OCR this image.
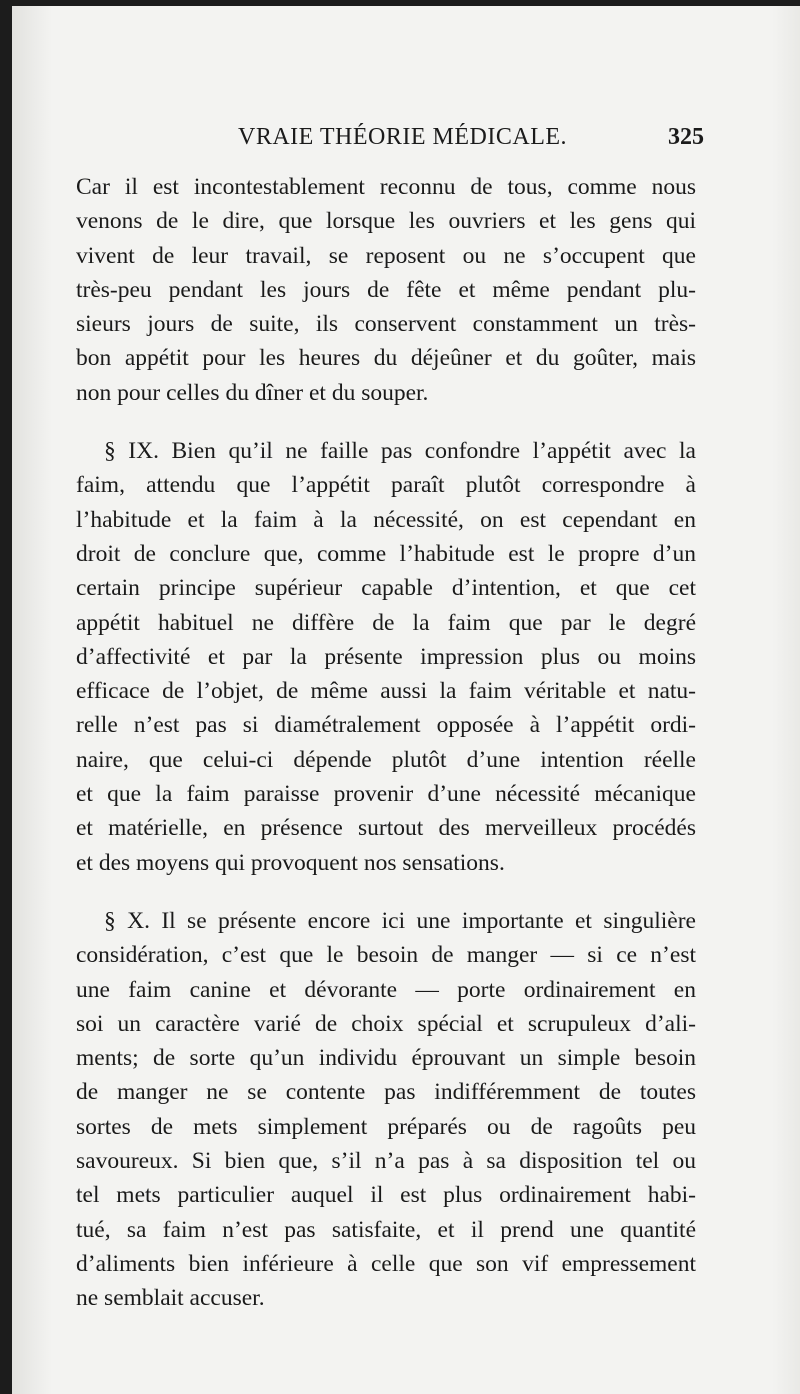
VRAIE THÉORIE MÉDICALE.	325
Car il est incontestablement reconnu de tous, comme nous
venons de le dire, que lorsque les ouvriers et les gens qui
vivent de leur travail, se reposent ou ne s’occupent que
très-peu pendant les jours de fête et même pendant plu-
sieurs jours de suite, ils conservent constamment un très-
bon appétit pour les heures du déjeûner et du goûter, mais
non pour celles du dîner et du souper.
§ IX. Bien qu’il ne faille pas confondre l’appétit avec la
faim, attendu que l’appétit paraît plutôt correspondre à
l’habitude et la faim à la nécessité, on est cependant en
droit de conclure que, comme l’habitude est le propre d’un
certain principe supérieur capable d’intention, et que cet
appétit habituel ne diffère de la faim que par le degré
d’affectivité et par la présente impression plus ou moins
efficace de l’objet, de même aussi la faim véritable et natu-
relle n’est pas si diamétralement opposée à l’appétit ordi-
naire, que celui-ci dépende plutôt d’une intention réelle
et que la faim paraisse provenir d’une nécessité mécanique
et matérielle, en présence surtout des merveilleux procédés
et des moyens qui provoquent nos sensations.
§ X. Il se présente encore ici une importante et singulière
considération, c’est que le besoin de manger — si ce n’est
une faim canine et dévorante — porte ordinairement en
soi un caractère varié de choix spécial et scrupuleux d’ali-
ments; de sorte qu’un individu éprouvant un simple besoin
de manger ne se contente pas indifféremment de toutes
sortes de mets simplement préparés ou de ragoûts peu
savoureux. Si bien que, s’il n’a pas à sa disposition tel ou
tel mets particulier auquel il est plus ordinairement habi-
tué, sa faim n’est pas satisfaite, et il prend une quantité
d’aliments bien inférieure à celle que son vif empressement
ne semblait accuser.
